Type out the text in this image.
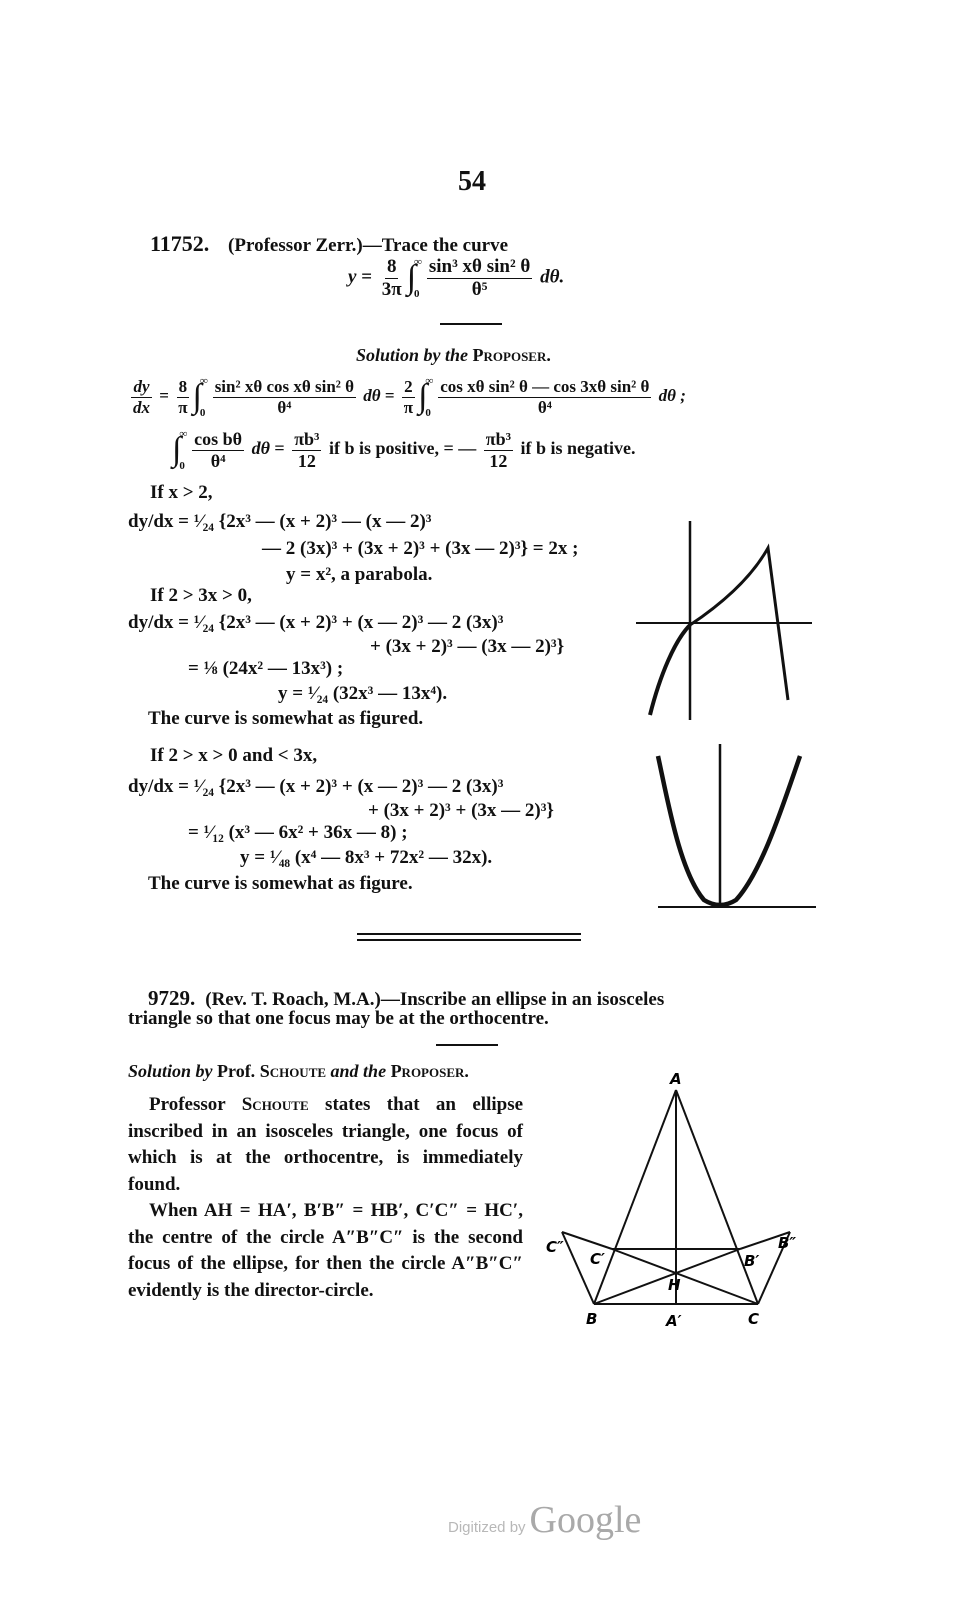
54
11752. (Professor Zerr.)—Trace the curve
$y = \frac{8}{3\pi}$ ∫
∞
$0 \frac{\text{sin³ xθ sin² θ}}{\text{θ⁵}} d\theta$.
Solution by the Proposer.
$\frac{dy}{dx} = \frac{8}{\pi}$ ∫
∞
$0 \frac{\text{sin² xθ cos xθ sin² θ}}{\text{θ⁴}}$ $d\theta = \frac{2}{\pi}$ ∫
∞
$0 \frac{\text{cos xθ sin² θ — cos 3xθ sin² θ}}{\text{θ⁴}}$ dθ ;
∫
∞
$0 \frac{\text{cos bθ}}{\text{θ⁴}}$ $d\theta = \frac{\text{πb³}}{12}$ if b is positive, = — $\frac{\text{πb³}}{12}$ if b is negative.
If x > 2,
dy/dx = ¹⁄₂₄ {2x³ — (x + 2)³ — (x — 2)³
— 2 (3x)³ + (3x + 2)³ + (3x — 2)³} = 2x ;
y = x², a parabola.
If 2 > 3x > 0,
dy/dx = ¹⁄₂₄ {2x³ — (x + 2)³ + (x — 2)³ — 2 (3x)³
+ (3x + 2)³ — (3x — 2)³}
= ⅛ (24x² — 13x³) ;
y = ¹⁄₂₄ (32x³ — 13x⁴).
The curve is somewhat as figured.
If 2 > x > 0 and < 3x,
dy/dx = ¹⁄₂₄ {2x³ — (x + 2)³ + (x — 2)³ — 2 (3x)³
+ (3x + 2)³ + (3x — 2)³}
= ¹⁄₁₂ (x³ — 6x² + 36x — 8) ;
y = ¹⁄₄₈ (x⁴ — 8x³ + 72x² — 32x).
The curve is somewhat as figure.
9729. (Rev. T. Roach, M.A.)—Inscribe an ellipse in an isosceles
triangle so that one focus may be at the orthocentre.
Solution by Prof. Schoute and the Proposer.
Professor Schoute states that an ellipse inscribed in an isosceles triangle, one focus of which is at the orthocentre, is immediately found.
When AH = HA′, B′B″ = HB′, C′C″ = HC′, the centre of the circle A″B″C″ is the second focus of the ellipse, for then the circle A″B″C″ evidently is the director-circle.
A
C″
C′	B′
B″
H
B	A′	C
Digitized by Google
